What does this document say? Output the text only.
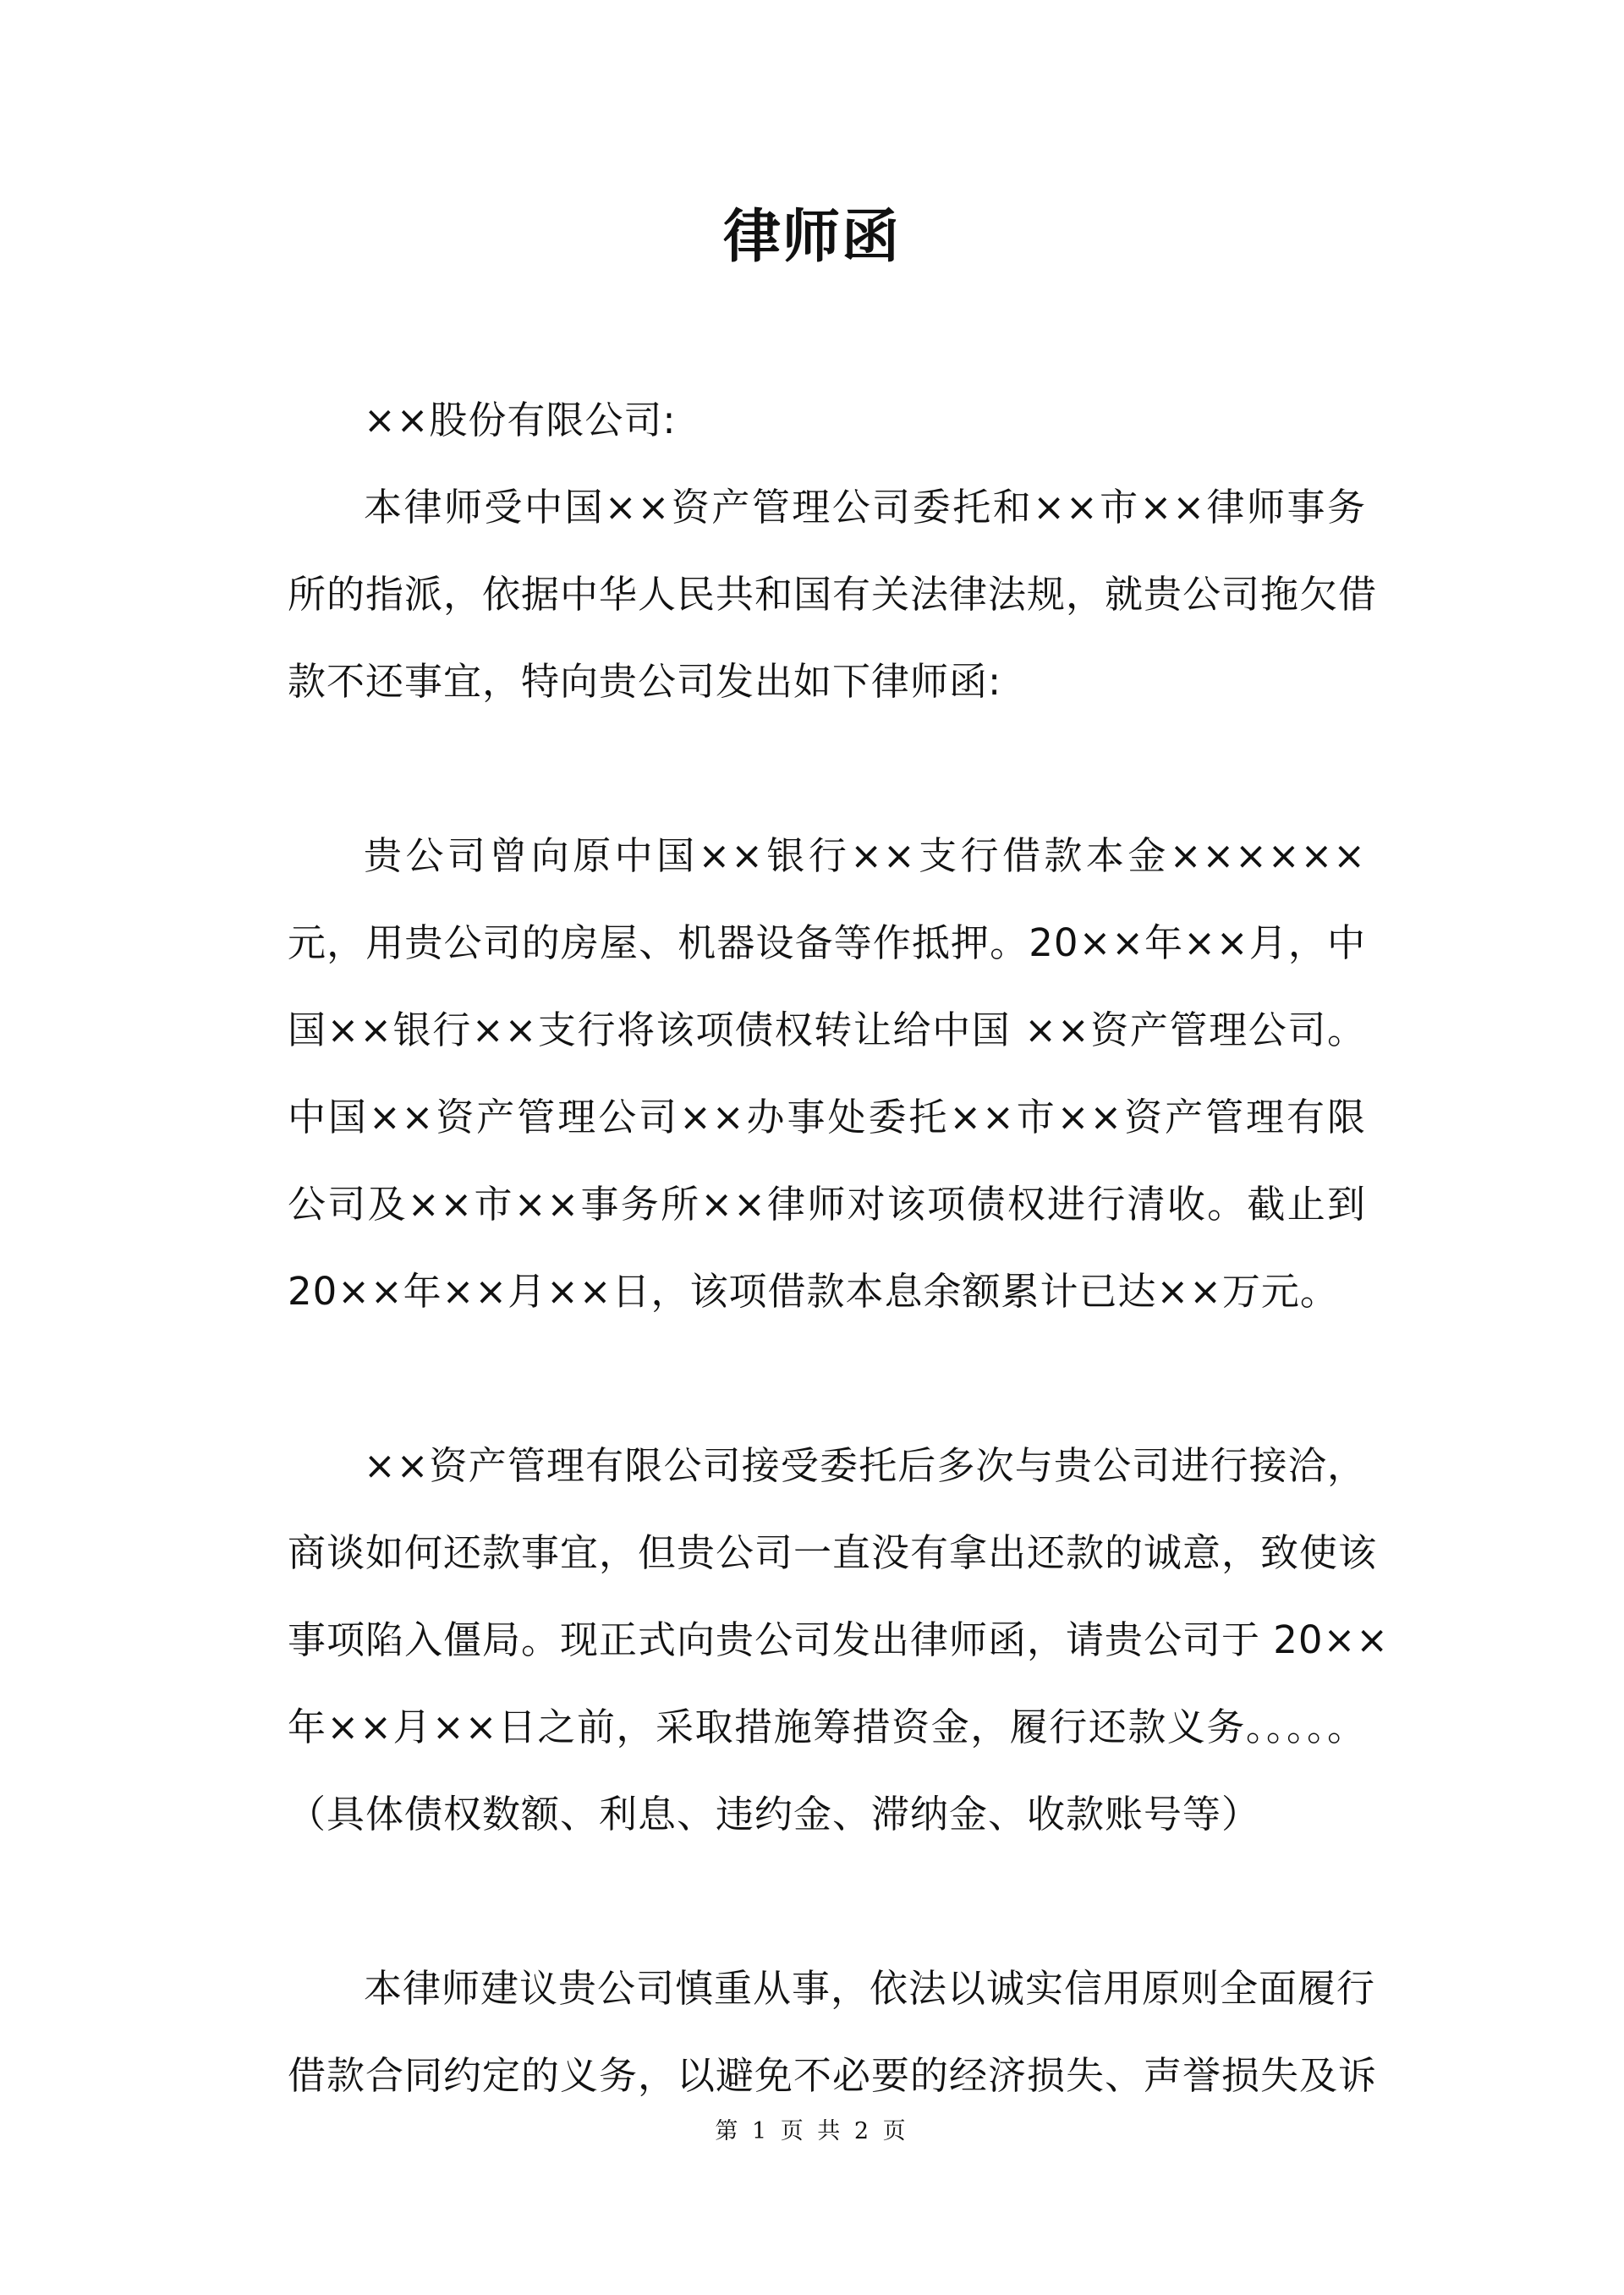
律师函
××股份有限公司:
本律师受中国××资产管理公司委托和××市××律师事务
所的指派，依据中华人民共和国有关法律法规，就贵公司拖欠借
款不还事宜，特向贵公司发出如下律师函:
贵公司曾向原中国××银行××支行借款本金××××××
元，用贵公司的房屋、机器设备等作抵押。20××年××月，中
国××银行××支行将该项债权转让给中国 ××资产管理公司。
中国××资产管理公司××办事处委托××市××资产管理有限
公司及××市××事务所××律师对该项债权进行清收。截止到
20××年××月××日，该项借款本息余额累计已达××万元。
××资产管理有限公司接受委托后多次与贵公司进行接洽，
商谈如何还款事宜，但贵公司一直没有拿出还款的诚意，致使该
事项陷入僵局。现正式向贵公司发出律师函，请贵公司于 20××
年××月××日之前，采取措施筹措资金，履行还款义务。。。。。
（具体债权数额、利息、违约金、滞纳金、收款账号等）
本律师建议贵公司慎重从事，依法以诚实信用原则全面履行
借款合同约定的义务，以避免不必要的经济损失、声誉损失及诉
第 1 页 共 2 页
